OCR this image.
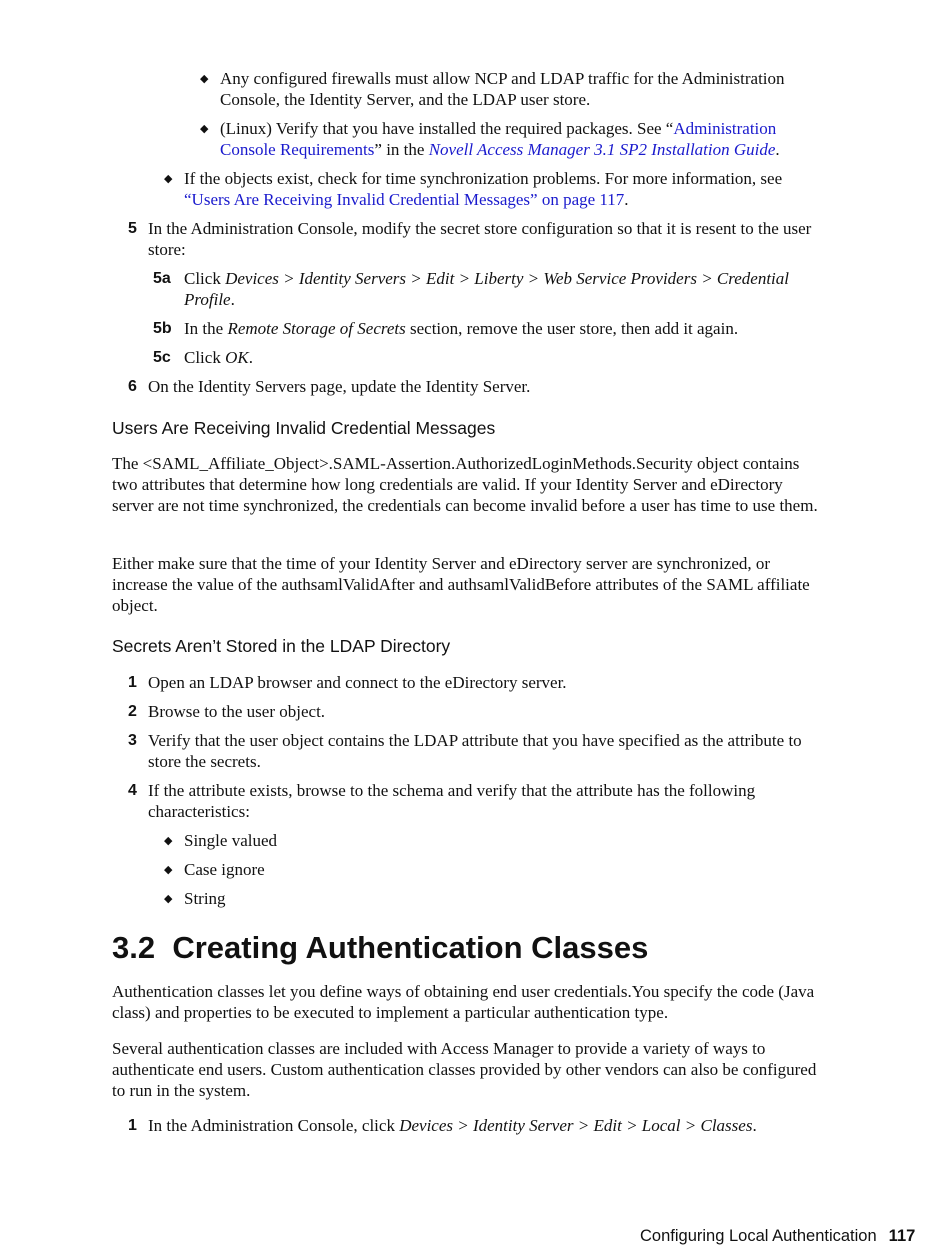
◆ Any configured firewalls must allow NCP and LDAP traffic for the Administration Console, the Identity Server, and the LDAP user store.

◆ (Linux) Verify that you have installed the required packages. See “Administration Console Requirements” in the Novell Access Manager 3.1 SP2 Installation Guide.

◆ If the objects exist, check for time synchronization problems. For more information, see “Users Are Receiving Invalid Credential Messages” on page 117.

5 In the Administration Console, modify the secret store configuration so that it is resent to the user store:

5a Click Devices > Identity Servers > Edit > Liberty > Web Service Providers > Credential Profile.

5b In the Remote Storage of Secrets section, remove the user store, then add it again.

5c Click OK.

6 On the Identity Servers page, update the Identity Server.

Users Are Receiving Invalid Credential Messages

The <SAML_Affiliate_Object>.SAML-Assertion.AuthorizedLoginMethods.Security object contains two attributes that determine how long credentials are valid. If your Identity Server and eDirectory server are not time synchronized, the credentials can become invalid before a user has time to use them.

Either make sure that the time of your Identity Server and eDirectory server are synchronized, or increase the value of the authsamlValidAfter and authsamlValidBefore attributes of the SAML affiliate object.

Secrets Aren’t Stored in the LDAP Directory
1 Open an LDAP browser and connect to the eDirectory server.

2 Browse to the user object.

3 Verify that the user object contains the LDAP attribute that you have specified as the attribute to store the secrets.

4 If the attribute exists, browse to the schema and verify that the attribute has the following characteristics:

◆ Single valued

◆ Case ignore

◆ String

3.2  Creating Authentication Classes

Authentication classes let you define ways of obtaining end user credentials.You specify the code (Java class) and properties to be executed to implement a particular authentication type.

Several authentication classes are included with Access Manager to provide a variety of ways to authenticate end users. Custom authentication classes provided by other vendors can also be configured to run in the system.

1 In the Administration Console, click Devices > Identity Server > Edit > Local > Classes.

Configuring Local Authentication 117
